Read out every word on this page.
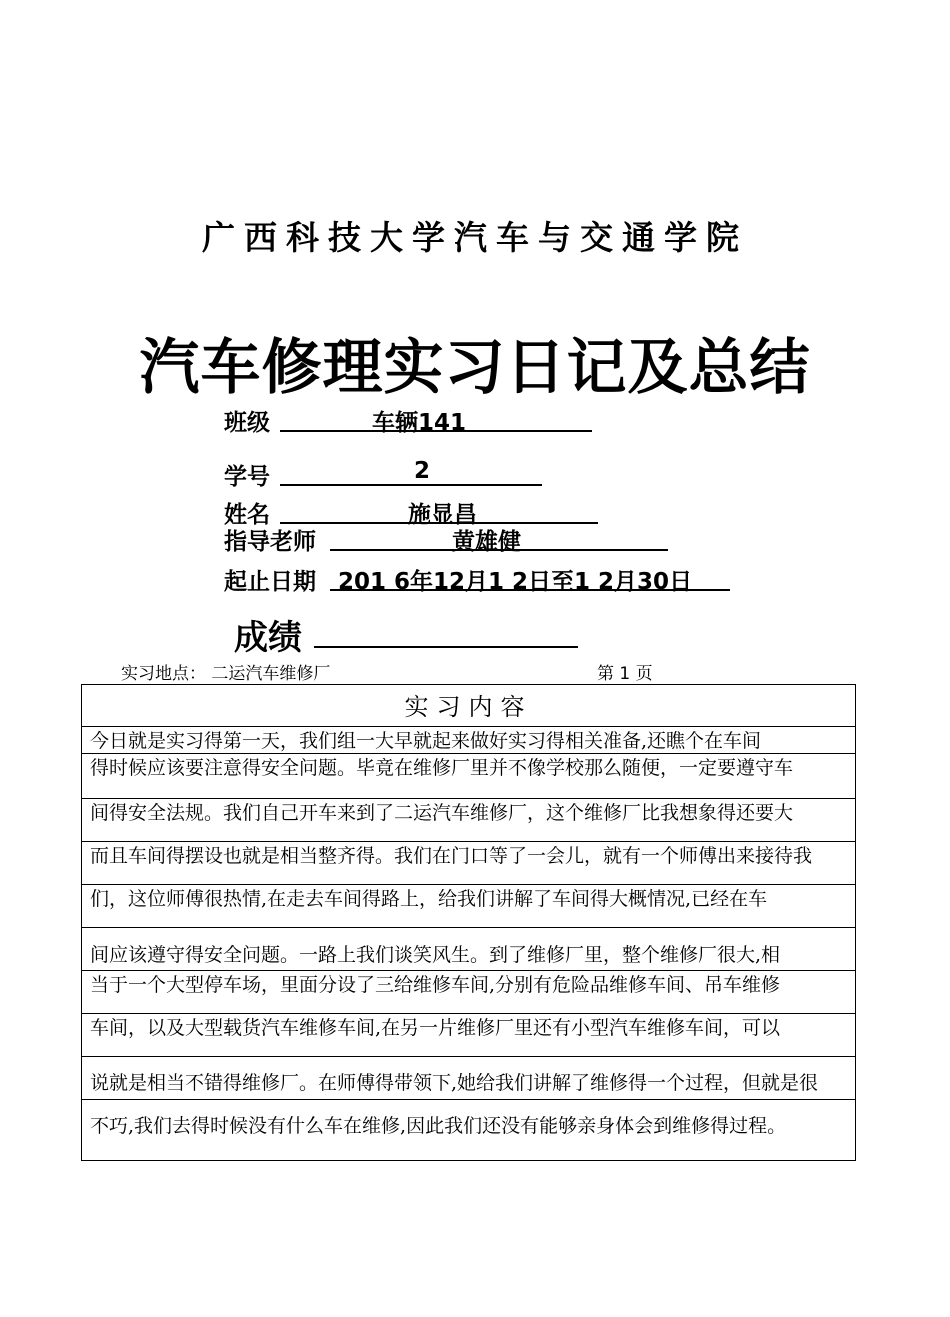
广西科技大学汽车与交通学院
汽车修理实习日记及总结
班级	车辆141
学号	2
姓名	施显昌
指导老师	黄雄健
起止日期 201 6年12月1 2日至1 2月30日
成绩
实习地点： 二运汽车维修厂	第 1 页
实习内容
今日就是实习得第一天，我们组一大早就起来做好实习得相关准备,还瞧个在车间
得时候应该要注意得安全问题。毕竟在维修厂里并不像学校那么随便，一定要遵守车
间得安全法规。我们自己开车来到了二运汽车维修厂，这个维修厂比我想象得还要大
而且车间得摆设也就是相当整齐得。我们在门口等了一会儿，就有一个师傅出来接待我
们，这位师傅很热情,在走去车间得路上，给我们讲解了车间得大概情况,已经在车
间应该遵守得安全问题。一路上我们谈笑风生。到了维修厂里，整个维修厂很大,相
当于一个大型停车场，里面分设了三给维修车间,分别有危险品维修车间、吊车维修
车间，以及大型载货汽车维修车间,在另一片维修厂里还有小型汽车维修车间，可以
说就是相当不错得维修厂。在师傅得带领下,她给我们讲解了维修得一个过程，但就是很
不巧,我们去得时候没有什么车在维修,因此我们还没有能够亲身体会到维修得过程。
